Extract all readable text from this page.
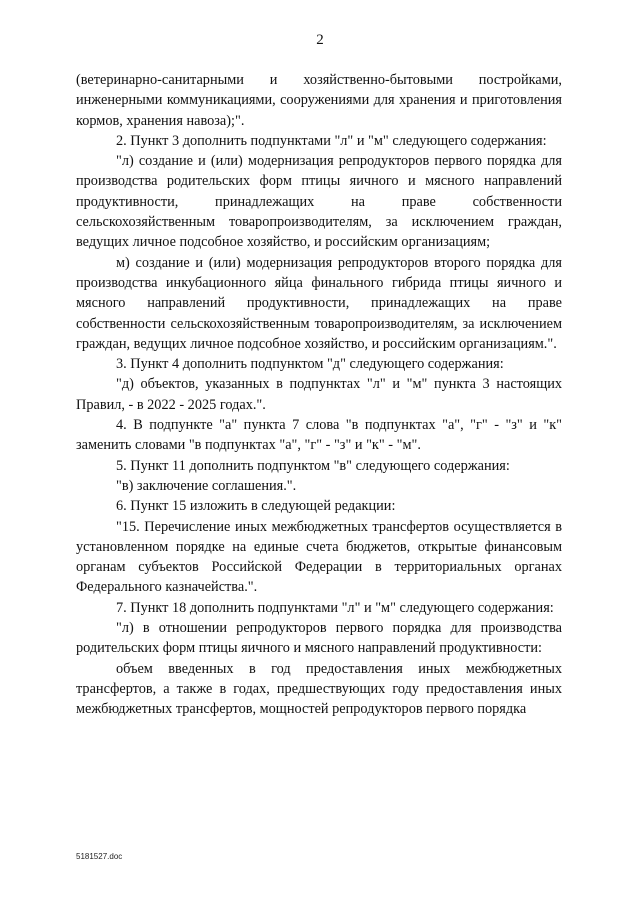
2

(ветеринарно-санитарными и хозяйственно-бытовыми постройками, инженерными коммуникациями, сооружениями для хранения и приготовления кормов, хранения навоза);".

2. Пункт 3 дополнить подпунктами "л" и "м" следующего содержания:

"л) создание и (или) модернизация репродукторов первого порядка для производства родительских форм птицы яичного и мясного направлений продуктивности, принадлежащих на праве собственности сельскохозяйственным товаропроизводителям, за исключением граждан, ведущих личное подсобное хозяйство, и российским организациям;

м) создание и (или) модернизация репродукторов второго порядка для производства инкубационного яйца финального гибрида птицы яичного и мясного направлений продуктивности, принадлежащих на праве собственности сельскохозяйственным товаропроизводителям, за исключением граждан, ведущих личное подсобное хозяйство, и российским организациям.".

3. Пункт 4 дополнить подпунктом "д" следующего содержания:

"д) объектов, указанных в подпунктах "л" и "м" пункта 3 настоящих Правил, - в 2022 - 2025 годах.".

4. В подпункте "а" пункта 7 слова "в подпунктах "а", "г" - "з" и "к" заменить словами "в подпунктах "а", "г" - "з" и "к" - "м".

5. Пункт 11 дополнить подпунктом "в" следующего содержания:

"в) заключение соглашения.".

6. Пункт 15 изложить в следующей редакции:

"15. Перечисление иных межбюджетных трансфертов осуществляется в установленном порядке на единые счета бюджетов, открытые финансовым органам субъектов Российской Федерации в территориальных органах Федерального казначейства.".

7. Пункт 18 дополнить подпунктами "л" и "м" следующего содержания:

"л) в отношении репродукторов первого порядка для производства родительских форм птицы яичного и мясного направлений продуктивности:

объем введенных в год предоставления иных межбюджетных трансфертов, а также в годах, предшествующих году предоставления иных межбюджетных трансфертов, мощностей репродукторов первого порядка

5181527.doc
